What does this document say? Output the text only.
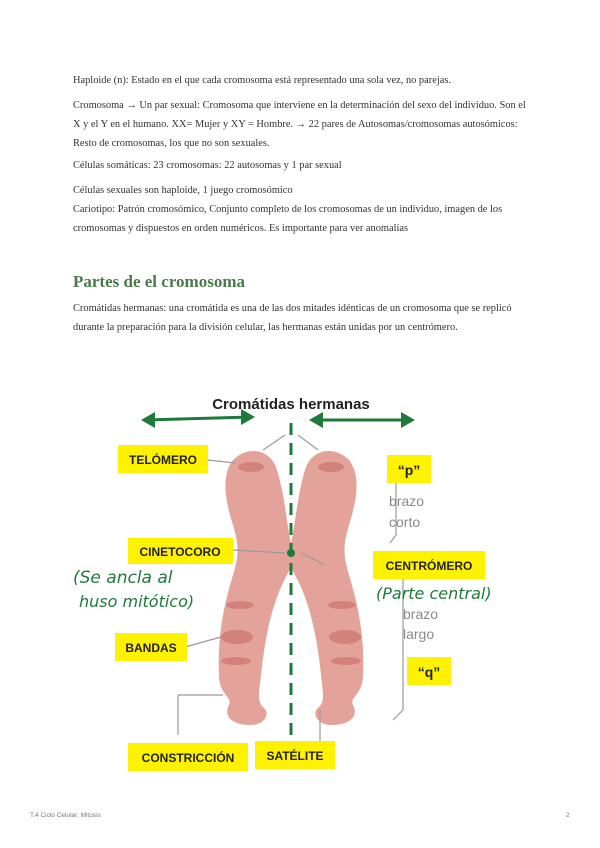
Haploide (n): Estado en el que cada cromosoma está representado una sola vez, no parejas.

Cromosoma → Un par sexual: Cromosoma que interviene en la determinación del sexo del individuo. Son el X y el Y en el humano. XX= Mujer y XY = Hombre. → 22 pares de Autosomas/cromosomas autosómicos: Resto de cromosomas, los que no son sexuales.

Células somáticas: 23 cromosomas: 22 autosomas y 1 par sexual

Células sexuales son haploide, 1 juego cromosómico

Cariotipo: Patrón cromosómico, Conjunto completo de los cromosomas de un individuo, imagen de los cromosomas y dispuestos en orden numéricos. Es importante para ver anomalías

Partes de el cromosoma

Cromátidas hermanas: una cromátida es una de las dos mitades idénticas de un cromosoma que se replicó durante la preparación para la división celular, las hermanas están unidas por un centrómero.

Cromátidas hermanas
TELÓMERO
CINETOCORO
BANDAS
CONSTRICCIÓN	SATÉLITE
CENTRÓMERO
“p”
“q”
brazo
corto
brazo
largo
(Se ancla al
huso mitótico)	(Parte central)
T.4 Ciclo Celular. Mitosis	2
